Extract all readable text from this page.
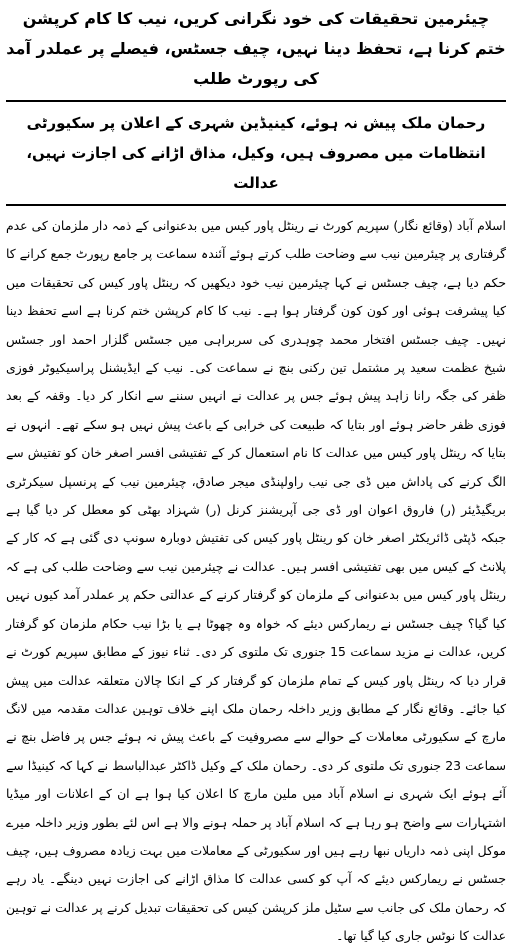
چیئرمین تحقیقات کی خود نگرانی کریں، نیب کا کام کرپشن ختم کرنا ہے، تحفظ دینا نہیں، چیف جسٹس، فیصلے پر عملدر آمد کی رپورٹ طلب
رحمان ملک پیش نہ ہوئے، کینیڈین شہری کے اعلان پر سکیورٹی انتظامات میں مصروف ہیں، وکیل، مذاق اڑانے کی اجازت نہیں، عدالت

اسلام آباد (وقائع نگار) سپریم کورٹ نے رینٹل پاور کیس میں بدعنوانی کے ذمہ دار ملزمان کی عدم گرفتاری پر چیئرمین نیب سے وضاحت طلب کرتے ہوئے آئندہ سماعت پر جامع رپورٹ جمع کرانے کا حکم دیا ہے، چیف جسٹس نے کہا چیئرمین نیب خود دیکھیں کہ رینٹل پاور کیس کی تحقیقات میں کیا پیشرفت ہوئی اور کون کون گرفتار ہوا ہے۔ نیب کا کام کرپشن ختم کرنا ہے اسے تحفظ دینا نہیں۔ چیف جسٹس افتخار محمد چوہدری کی سربراہی میں جسٹس گلزار احمد اور جسٹس شیخ عظمت سعید پر مشتمل تین رکنی بنچ نے سماعت کی۔ نیب کے ایڈیشنل پراسیکیوٹر فوزی ظفر کی جگہ رانا زاہد پیش ہوئے جس پر عدالت نے انہیں سننے سے انکار کر دیا۔ وقفہ کے بعد فوزی ظفر حاضر ہوئے اور بتایا کہ طبیعت کی خرابی کے باعث پیش نہیں ہو سکے تھے۔ انہوں نے بتایا کہ رینٹل پاور کیس میں عدالت کا نام استعمال کر کے تفتیشی افسر اصغر خان کو تفتیش سے الگ کرنے کی پاداش میں ڈی جی نیب راولپنڈی میجر صادق، چیئرمین نیب کے پرنسپل سیکرٹری بریگیڈیئر (ر) فاروق اعوان اور ڈی جی آپریشنز کرنل (ر) شہزاد بھٹی کو معطل کر دیا گیا ہے جبکہ ڈپٹی ڈائریکٹر اصغر خان کو رینٹل پاور کیس کی تفتیش دوبارہ سونپ دی گئی ہے کہ کار کے پلانٹ کے کیس میں بھی تفتیشی افسر ہیں۔ عدالت نے چیئرمین نیب سے وضاحت طلب کی ہے کہ رینٹل پاور کیس میں بدعنوانی کے ملزمان کو گرفتار کرنے کے عدالتی حکم پر عملدر آمد کیوں نہیں کیا گیا؟ چیف جسٹس نے ریمارکس دیئے کہ خواہ وہ چھوٹا ہے یا بڑا نیب حکام ملزمان کو گرفتار کریں، عدالت نے مزید سماعت 15 جنوری تک ملتوی کر دی۔ ثناء نیوز کے مطابق سپریم کورٹ نے قرار دیا کہ رینٹل پاور کیس کے تمام ملزمان کو گرفتار کر کے انکا چالان متعلقہ عدالت میں پیش کیا جائے۔ وقائع نگار کے مطابق وزیر داخلہ رحمان ملک اپنے خلاف توہین عدالت مقدمہ میں لانگ مارچ کے سکیورٹی معاملات کے حوالے سے مصروفیت کے باعث پیش نہ ہوئے جس پر فاضل بنچ نے سماعت 23 جنوری تک ملتوی کر دی۔ رحمان ملک کے وکیل ڈاکٹر عبدالباسط نے کہا کہ کینیڈا سے آئے ہوئے ایک شہری نے اسلام آباد میں ملین مارچ کا اعلان کیا ہوا ہے ان کے اعلانات اور میڈیا اشتہارات سے واضح ہو رہا ہے کہ اسلام آباد پر حملہ ہونے والا ہے اس لئے بطور وزیر داخلہ میرے موکل اپنی ذمہ داریاں نبھا رہے ہیں اور سکیورٹی کے معاملات میں بہت زیادہ مصروف ہیں، چیف جسٹس نے ریمارکس دیئے کہ آپ کو کسی عدالت کا مذاق اڑانے کی اجازت نہیں دینگے۔ یاد رہے کہ رحمان ملک کی جانب سے سٹیل ملز کرپشن کیس کی تحقیقات تبدیل کرنے پر عدالت نے توہین عدالت کا نوٹس جاری کیا گیا تھا۔
